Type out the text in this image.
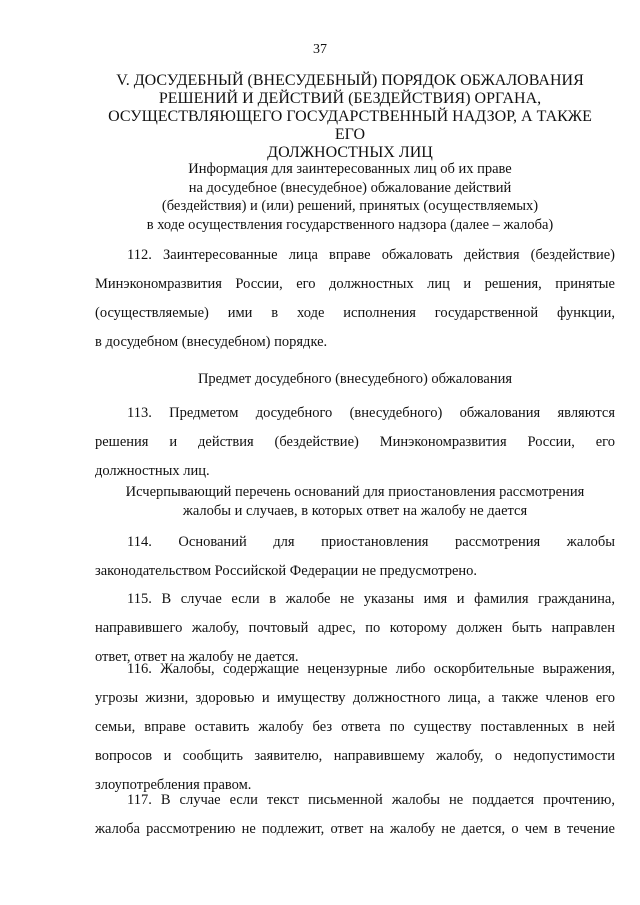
37
V. ДОСУДЕБНЫЙ (ВНЕСУДЕБНЫЙ) ПОРЯДОК ОБЖАЛОВАНИЯ
РЕШЕНИЙ И ДЕЙСТВИЙ (БЕЗДЕЙСТВИЯ) ОРГАНА,
ОСУЩЕСТВЛЯЮЩЕГО ГОСУДАРСТВЕННЫЙ НАДЗОР, А ТАКЖЕ ЕГО
ДОЛЖНОСТНЫХ ЛИЦ
Информация для заинтересованных лиц об их праве
на досудебное (внесудебное) обжалование действий
(бездействия) и (или) решений, принятых (осуществляемых)
в ходе осуществления государственного надзора (далее – жалоба)
112. Заинтересованные лица вправе обжаловать действия (бездействие)
Минэкономразвития России, его должностных лиц и решения, принятые
(осуществляемые) ими в ходе исполнения государственной функции,
в досудебном (внесудебном) порядке.
Предмет досудебного (внесудебного) обжалования
113. Предметом досудебного (внесудебного) обжалования являются
решения и действия (бездействие) Минэкономразвития России, его
должностных лиц.
Исчерпывающий перечень оснований для приостановления рассмотрения
жалобы и случаев, в которых ответ на жалобу не дается
114. Оснований для приостановления рассмотрения жалобы
законодательством Российской Федерации не предусмотрено.
115. В случае если в жалобе не указаны имя и фамилия гражданина,
направившего жалобу, почтовый адрес, по которому должен быть направлен
ответ, ответ на жалобу не дается.
116. Жалобы, содержащие нецензурные либо оскорбительные выражения,
угрозы жизни, здоровью и имуществу должностного лица, а также членов его
семьи, вправе оставить жалобу без ответа по существу поставленных в ней
вопросов и сообщить заявителю, направившему жалобу, о недопустимости
злоупотребления правом.
117. В случае если текст письменной жалобы не поддается прочтению,
жалоба рассмотрению не подлежит, ответ на жалобу не дается, о чем в течение
